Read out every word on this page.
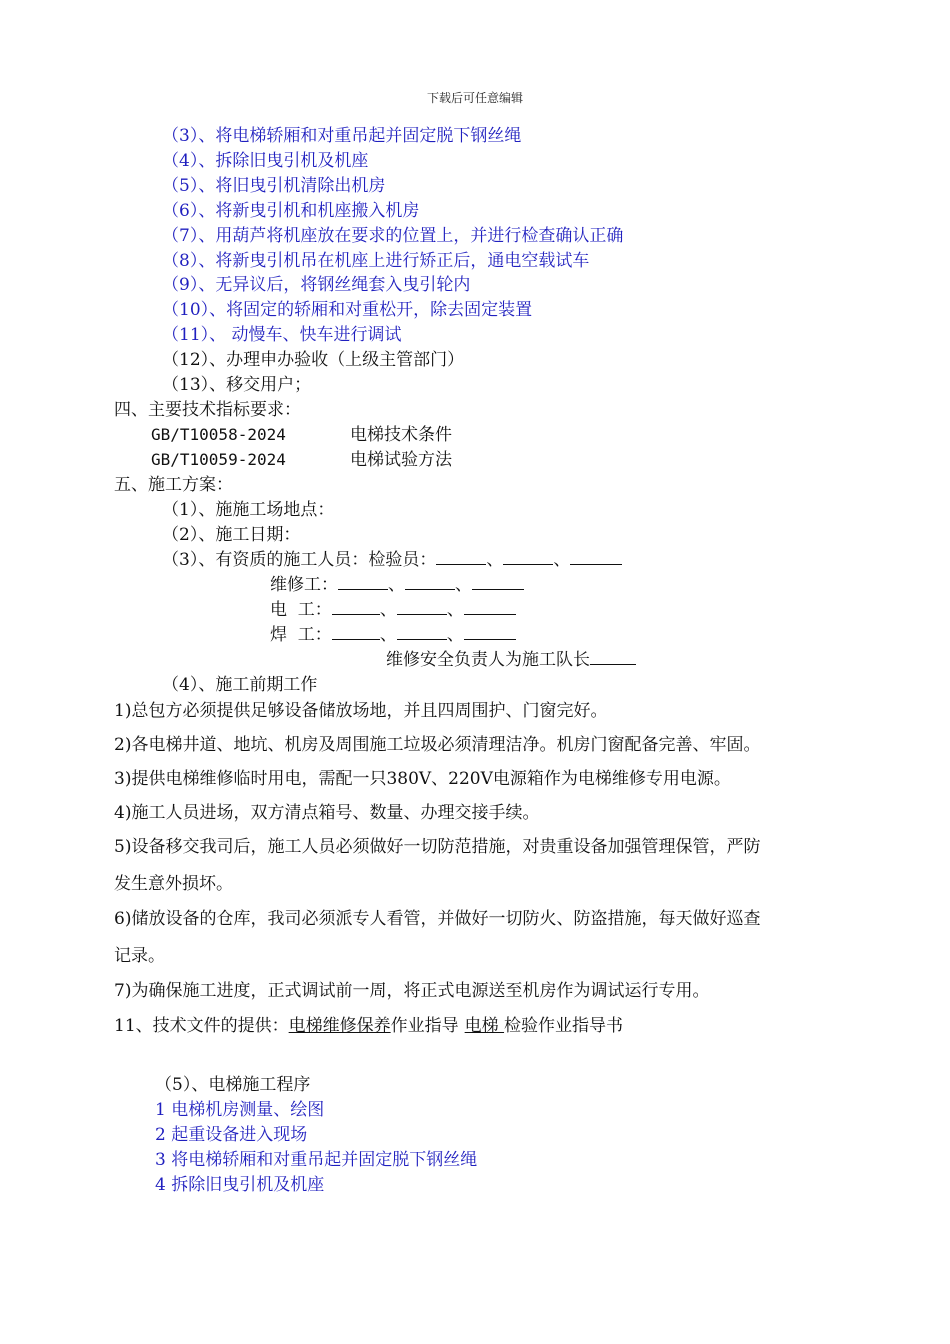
下载后可任意编辑
（3）、将电梯轿厢和对重吊起并固定脱下钢丝绳
（4）、拆除旧曳引机及机座
（5）、将旧曳引机清除出机房
（6）、将新曳引机和机座搬入机房
（7）、用葫芦将机座放在要求的位置上，并进行检查确认正确
（8）、将新曳引机吊在机座上进行矫正后，通电空载试车
（9）、无异议后，将钢丝绳套入曳引轮内
（10）、将固定的轿厢和对重松开，除去固定装置
（11）、 动慢车、快车进行调试
（12）、办理申办验收（上级主管部门）
（13）、移交用户；
四、主要技术指标要求：
GB/T10058-2024	电梯技术条件
GB/T10059-2024	电梯试验方法
五、施工方案：
（1）、施施工场地点：
（2）、施工日期：
（3）、有资质的施工人员：检验员：	、	、
维修工：	、	、
电  工：	、	、
焊  工：	、	、
维修安全负责人为施工队长
（4）、施工前期工作
1)总包方必须提供足够设备储放场地，并且四周围护、门窗完好。
2)各电梯井道、地坑、机房及周围施工垃圾必须清理洁净。机房门窗配备完善、牢固。
3)提供电梯维修临时用电，需配一只380V、220V电源箱作为电梯维修专用电源。
4)施工人员进场，双方清点箱号、数量、办理交接手续。
5)设备移交我司后，施工人员必须做好一切防范措施，对贵重设备加强管理保管，严防
发生意外损坏。
6)储放设备的仓库，我司必须派专人看管，并做好一切防火、防盗措施，每天做好巡查
记录。
7)为确保施工进度，正式调试前一周，将正式电源送至机房作为调试运行专用。
11、技术文件的提供：电梯维修保养作业指导 电梯 检验作业指导书
（5）、电梯施工程序
1 电梯机房测量、绘图
2 起重设备进入现场
3 将电梯轿厢和对重吊起并固定脱下钢丝绳
4 拆除旧曳引机及机座
